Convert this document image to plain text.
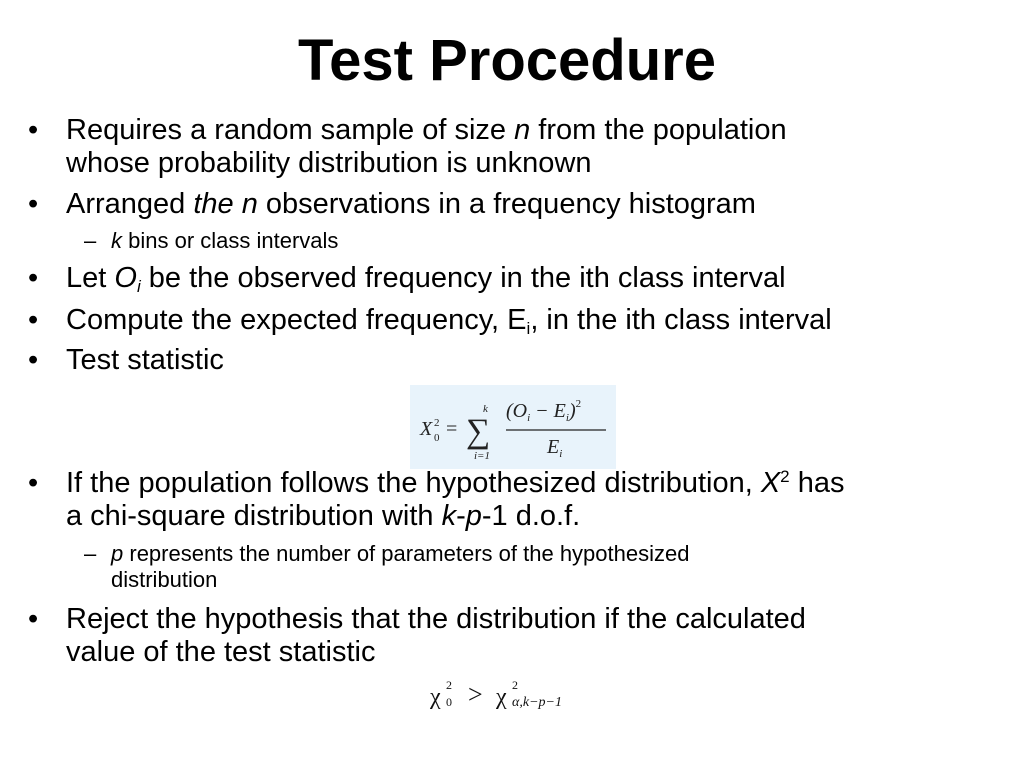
Test Procedure
• Requires a random sample of size n from the population
whose probability distribution is unknown
• Arranged the n observations in a frequency histogram
– k bins or class intervals
• Let $O_i$ be the observed frequency in the ith class interval
• Compute the expected frequency, $E_i$, in the ith class interval
• Test statistic
X 2
0 =
k
∑
i=1
$(O_i - E_i)^2$
$E_i$
• If the population follows the hypothesized distribution, $X^2$ has
a chi-square distribution with k-p-1 d.o.f.
– p represents the number of parameters of the hypothesized
distribution
• Reject the hypothesis that the distribution if the calculated
value of the test statistic
χ 2
0 > χ 2
α,k−p−1
